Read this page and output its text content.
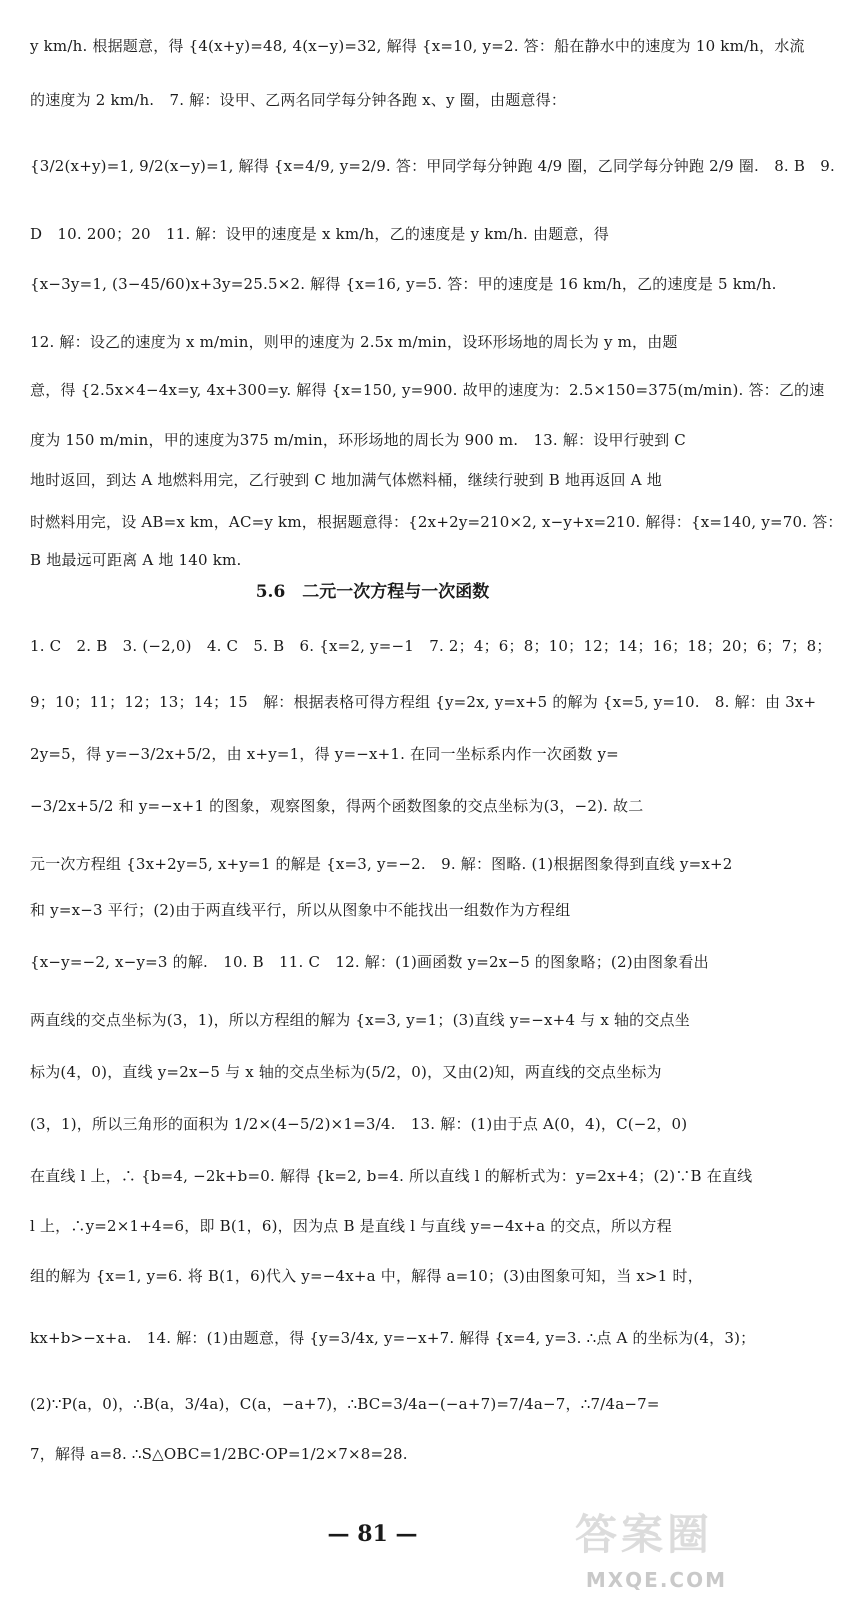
y km/h. 根据题意，得 {4(x+y)=48, 4(x−y)=32, 解得 {x=10, y=2. 答：船在静水中的速度为 10 km/h，水流
的速度为 2 km/h.　7. 解：设甲、乙两名同学每分钟各跑 x、y 圈，由题意得：
{3/2(x+y)=1, 9/2(x−y)=1, 解得 {x=4/9, y=2/9. 答：甲同学每分钟跑 4/9 圈，乙同学每分钟跑 2/9 圈.　8. B　9.
D　10. 200；20　11. 解：设甲的速度是 x km/h，乙的速度是 y km/h. 由题意，得
{x−3y=1, (3−45/60)x+3y=25.5×2. 解得 {x=16, y=5. 答：甲的速度是 16 km/h，乙的速度是 5 km/h.
12. 解：设乙的速度为 x m/min，则甲的速度为 2.5x m/min，设环形场地的周长为 y m，由题
意，得 {2.5x×4−4x=y, 4x+300=y. 解得 {x=150, y=900. 故甲的速度为：2.5×150=375(m/min). 答：乙的速
度为 150 m/min，甲的速度为375 m/min，环形场地的周长为 900 m.　13. 解：设甲行驶到 C
地时返回，到达 A 地燃料用完，乙行驶到 C 地加满气体燃料桶，继续行驶到 B 地再返回 A 地
时燃料用完，设 AB=x km，AC=y km，根据题意得：{2x+2y=210×2, x−y+x=210. 解得：{x=140, y=70. 答：
B 地最远可距离 A 地 140 km.
5.6　二元一次方程与一次函数
1. C　2. B　3. (−2,0)　4. C　5. B　6. {x=2, y=−1　7. 2；4；6；8；10；12；14；16；18；20；6；7；8；
9；10；11；12；13；14；15　解：根据表格可得方程组 {y=2x, y=x+5 的解为 {x=5, y=10.　8. 解：由 3x+
2y=5，得 y=−3/2x+5/2，由 x+y=1，得 y=−x+1. 在同一坐标系内作一次函数 y=
−3/2x+5/2 和 y=−x+1 的图象，观察图象，得两个函数图象的交点坐标为(3，−2). 故二
元一次方程组 {3x+2y=5, x+y=1 的解是 {x=3, y=−2.　9. 解：图略. (1)根据图象得到直线 y=x+2
和 y=x−3 平行；(2)由于两直线平行，所以从图象中不能找出一组数作为方程组
{x−y=−2, x−y=3 的解.　10. B　11. C　12. 解：(1)画函数 y=2x−5 的图象略；(2)由图象看出
两直线的交点坐标为(3，1)，所以方程组的解为 {x=3, y=1；(3)直线 y=−x+4 与 x 轴的交点坐
标为(4，0)，直线 y=2x−5 与 x 轴的交点坐标为(5/2，0)，又由(2)知，两直线的交点坐标为
(3，1)，所以三角形的面积为 1/2×(4−5/2)×1=3/4.　13. 解：(1)由于点 A(0，4)，C(−2，0)
在直线 l 上，∴ {b=4, −2k+b=0. 解得 {k=2, b=4. 所以直线 l 的解析式为：y=2x+4；(2)∵B 在直线
l 上，∴y=2×1+4=6，即 B(1，6)，因为点 B 是直线 l 与直线 y=−4x+a 的交点，所以方程
组的解为 {x=1, y=6. 将 B(1，6)代入 y=−4x+a 中，解得 a=10；(3)由图象可知，当 x>1 时，
kx+b>−x+a.　14. 解：(1)由题意，得 {y=3/4x, y=−x+7. 解得 {x=4, y=3. ∴点 A 的坐标为(4，3)；
(2)∵P(a，0)，∴B(a，3/4a)，C(a，−a+7)，∴BC=3/4a−(−a+7)=7/4a−7，∴7/4a−7=
7，解得 a=8. ∴S△OBC=1/2BC·OP=1/2×7×8=28.
— 81 —	答案圈
MXQE.COM
